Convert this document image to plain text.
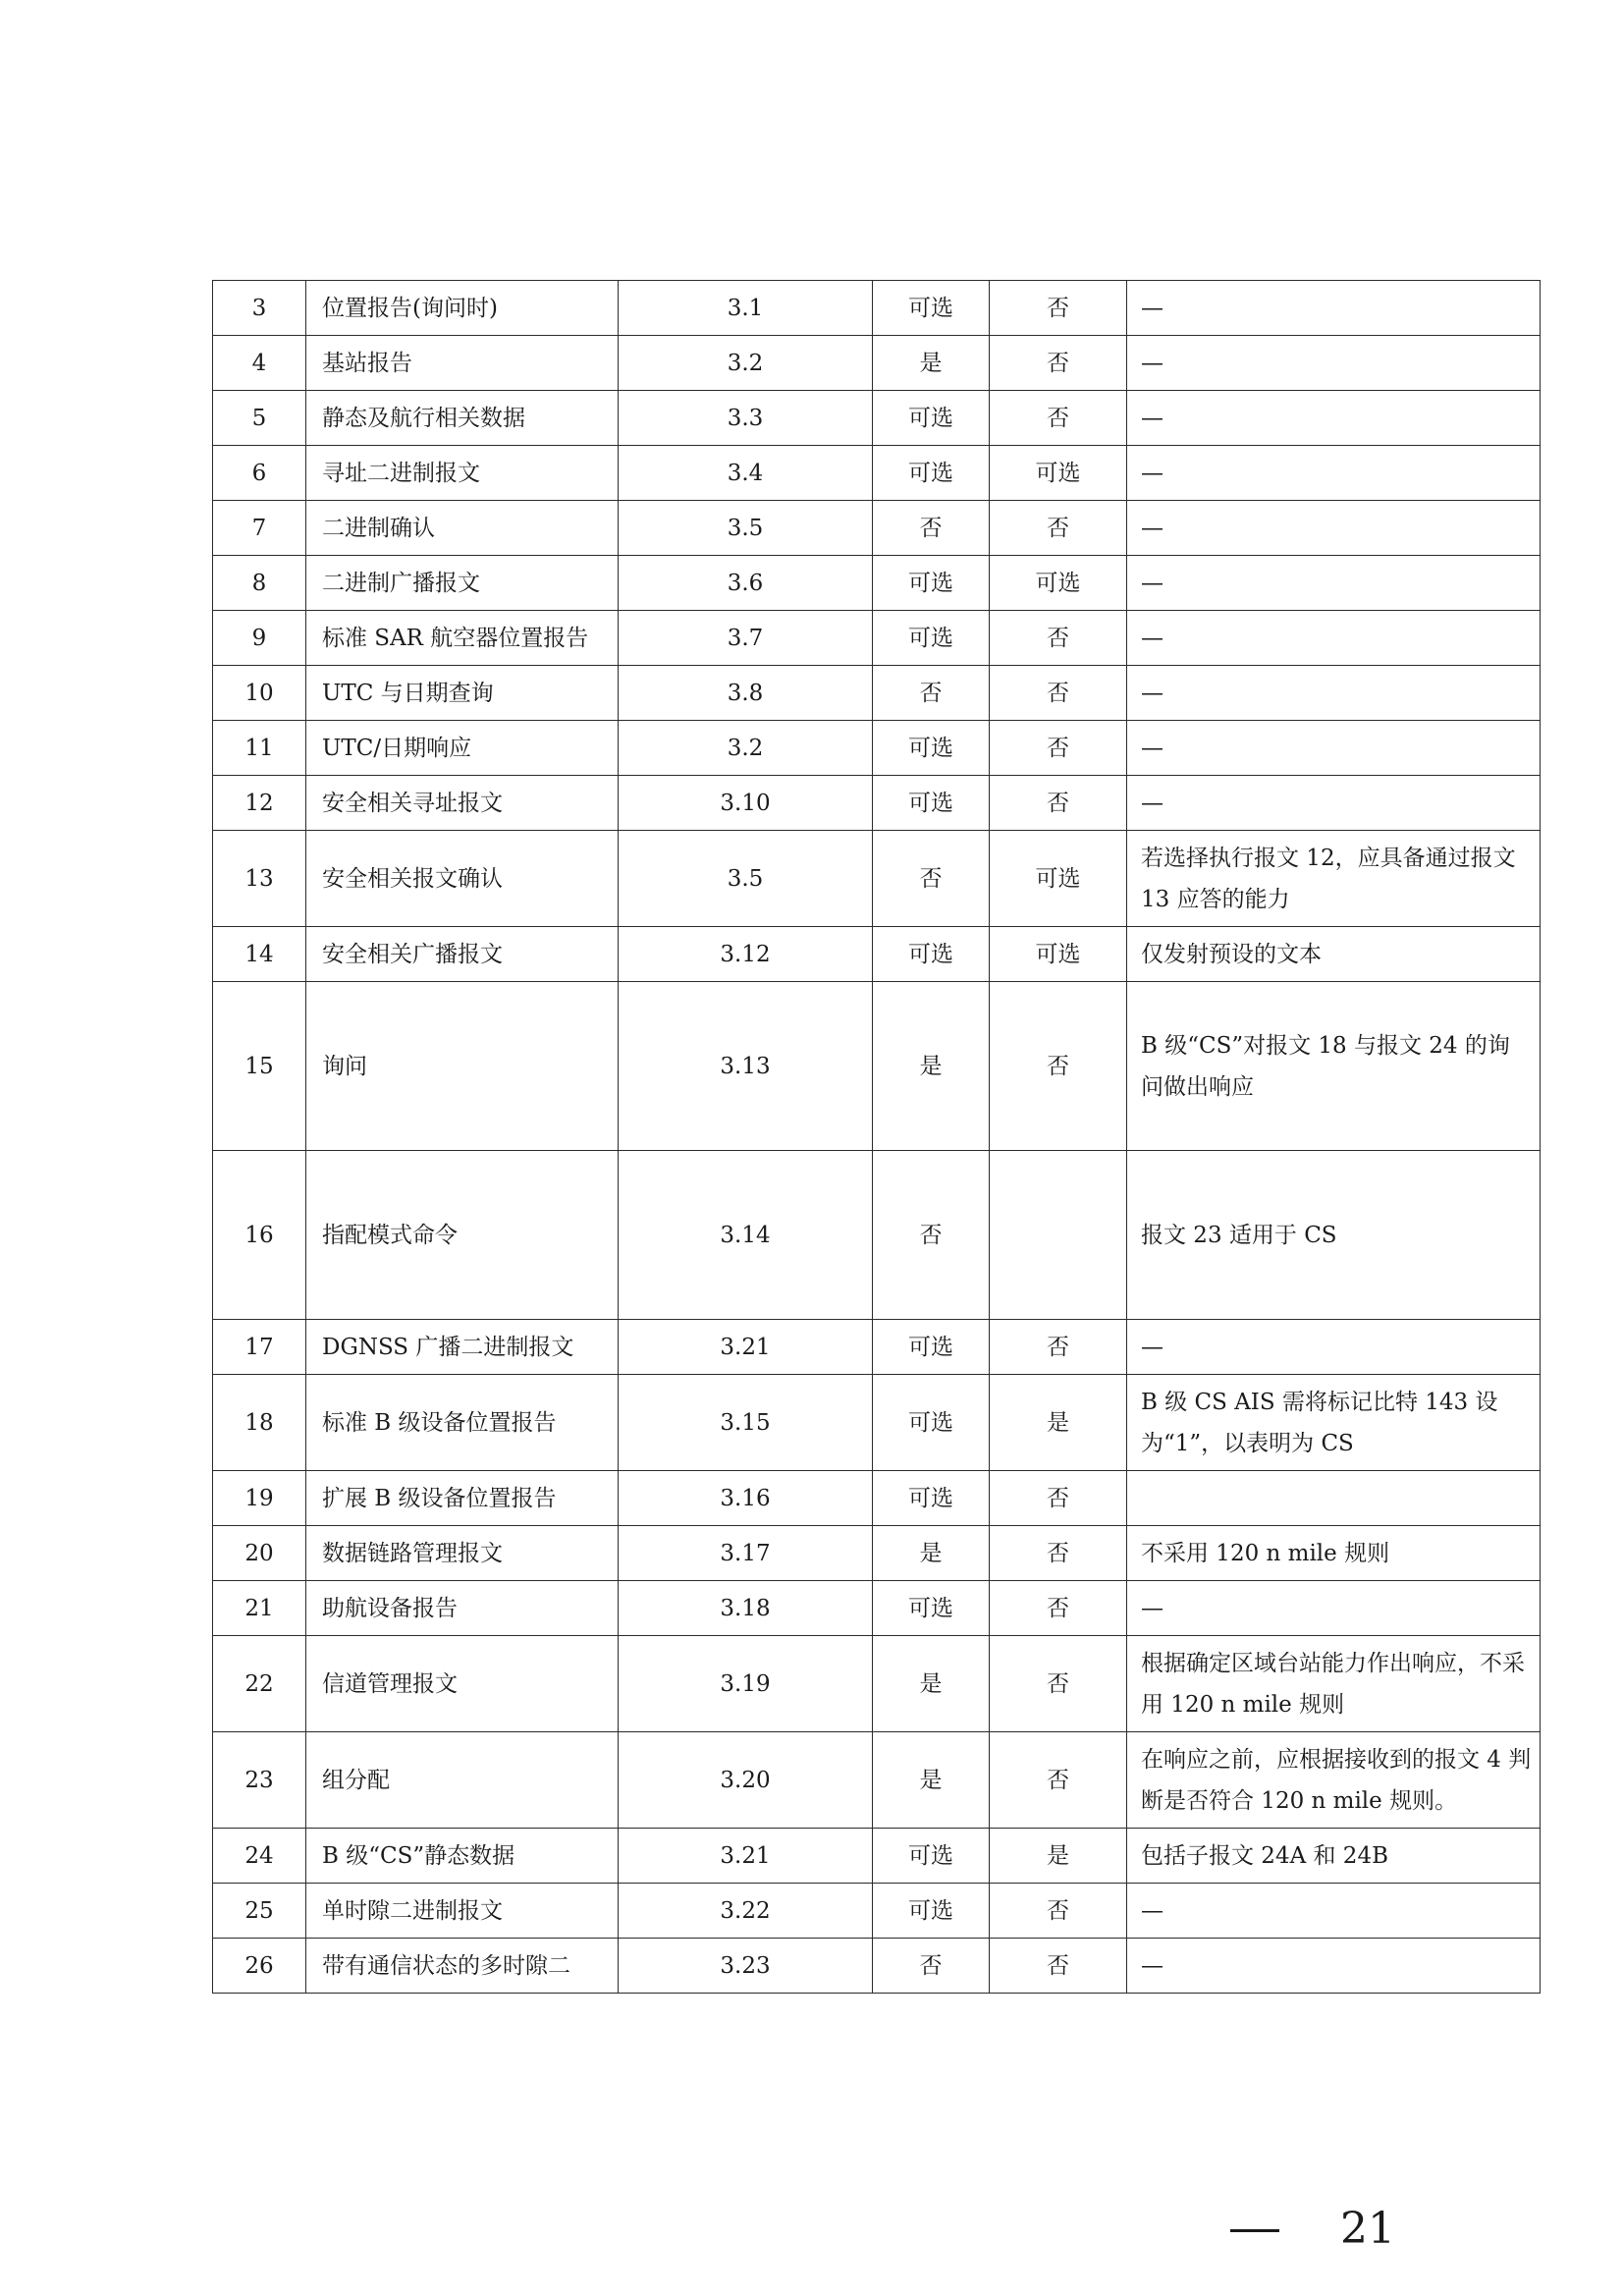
3	位置报告(询问时)	3.1	可选	否	—
4	基站报告	3.2	是	否	—
5	静态及航行相关数据	3.3	可选	否	—
6	寻址二进制报文	3.4	可选	可选	—
7	二进制确认	3.5	否	否	—
8	二进制广播报文	3.6	可选	可选	—
9	标准 SAR 航空器位置报告	3.7	可选	否	—
10	UTC 与日期查询	3.8	否	否	—
11	UTC/日期响应	3.2	可选	否	—
12	安全相关寻址报文	3.10	可选	否	—
13	安全相关报文确认	3.5	否	可选	若选择执行报文 12，应具备通过报文 13 应答的能力
14	安全相关广播报文	3.12	可选	可选	仅发射预设的文本
15	询问	3.13	是	否	B 级“CS”对报文 18 与报文 24 的询问做出响应
16	指配模式命令	3.14	否		报文 23 适用于 CS
17	DGNSS 广播二进制报文	3.21	可选	否	—
18	标准 B 级设备位置报告	3.15	可选	是	B 级 CS AIS 需将标记比特 143 设为“1”，以表明为 CS
19	扩展 B 级设备位置报告	3.16	可选	否	
20	数据链路管理报文	3.17	是	否	不采用 120 n mile 规则
21	助航设备报告	3.18	可选	否	—
22	信道管理报文	3.19	是	否	根据确定区域台站能力作出响应，不采用 120 n mile 规则
23	组分配	3.20	是	否	在响应之前，应根据接收到的报文 4 判断是否符合 120 n mile 规则。
24	B 级“CS”静态数据	3.21	可选	是	包括子报文 24A 和 24B
25	单时隙二进制报文	3.22	可选	否	—
26	带有通信状态的多时隙二	3.23	否	否	—
21
